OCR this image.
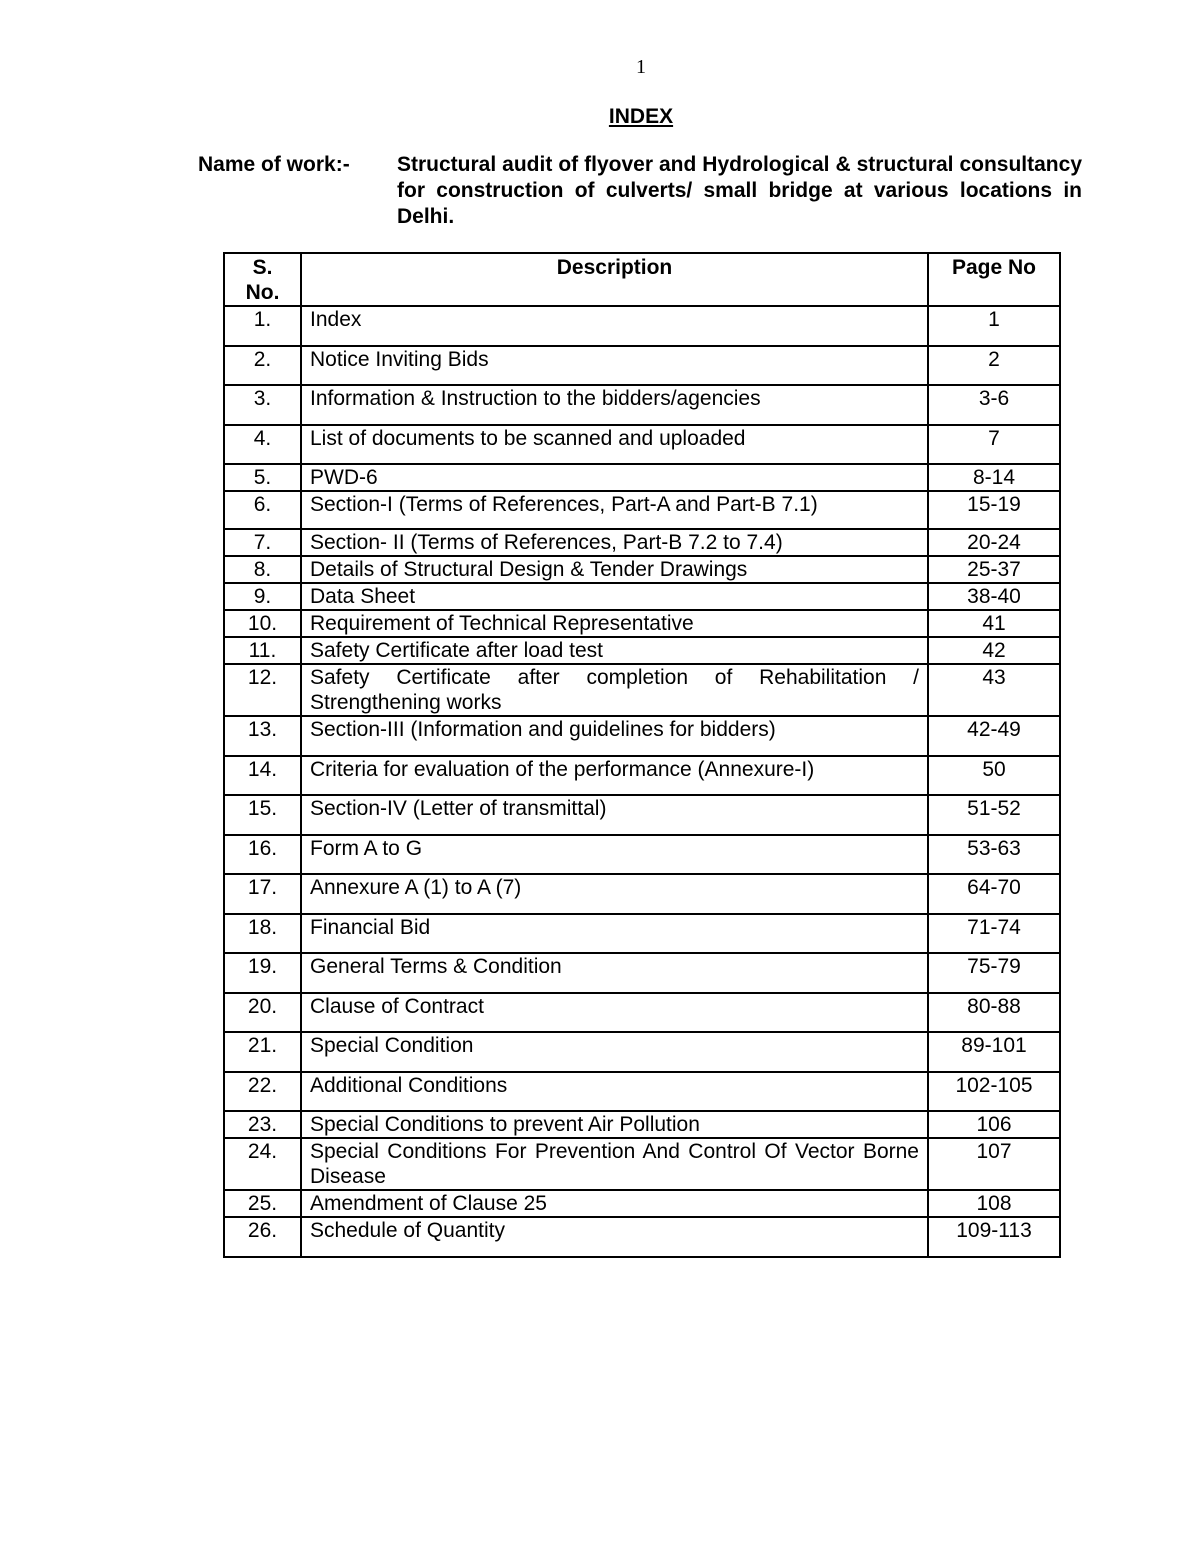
1
INDEX
Name of work:- Structural audit of flyover and Hydrological & structural consultancy for construction of culverts/ small bridge at various locations in Delhi.
S. No.	Description	Page No
1.	Index	1
2.	Notice Inviting Bids	2
3.	Information & Instruction to the bidders/agencies	3-6
4.	List of documents to be scanned and uploaded	7
5.	PWD-6	8-14
6.	Section-I (Terms of References, Part-A and Part-B 7.1)	15-19
7.	Section- II (Terms of References, Part-B 7.2 to 7.4)	20-24
8.	Details of Structural Design & Tender Drawings	25-37
9.	Data Sheet	38-40
10.	Requirement of Technical Representative	41
11.	Safety Certificate after load test	42
12.	Safety Certificate after completion of Rehabilitation / Strengthening works	43
13.	Section-III (Information and guidelines for bidders)	42-49
14.	Criteria for evaluation of the performance (Annexure-I)	50
15.	Section-IV (Letter of transmittal)	51-52
16.	Form A to G	53-63
17.	Annexure A (1) to A (7)	64-70
18.	Financial Bid	71-74
19.	General Terms & Condition	75-79
20.	Clause of Contract	80-88
21.	Special Condition	89-101
22.	Additional Conditions	102-105
23.	Special Conditions to prevent Air Pollution	106
24.	Special Conditions For Prevention And Control Of Vector Borne Disease	107
25.	Amendment of Clause 25	108
26.	Schedule of Quantity	109-113
